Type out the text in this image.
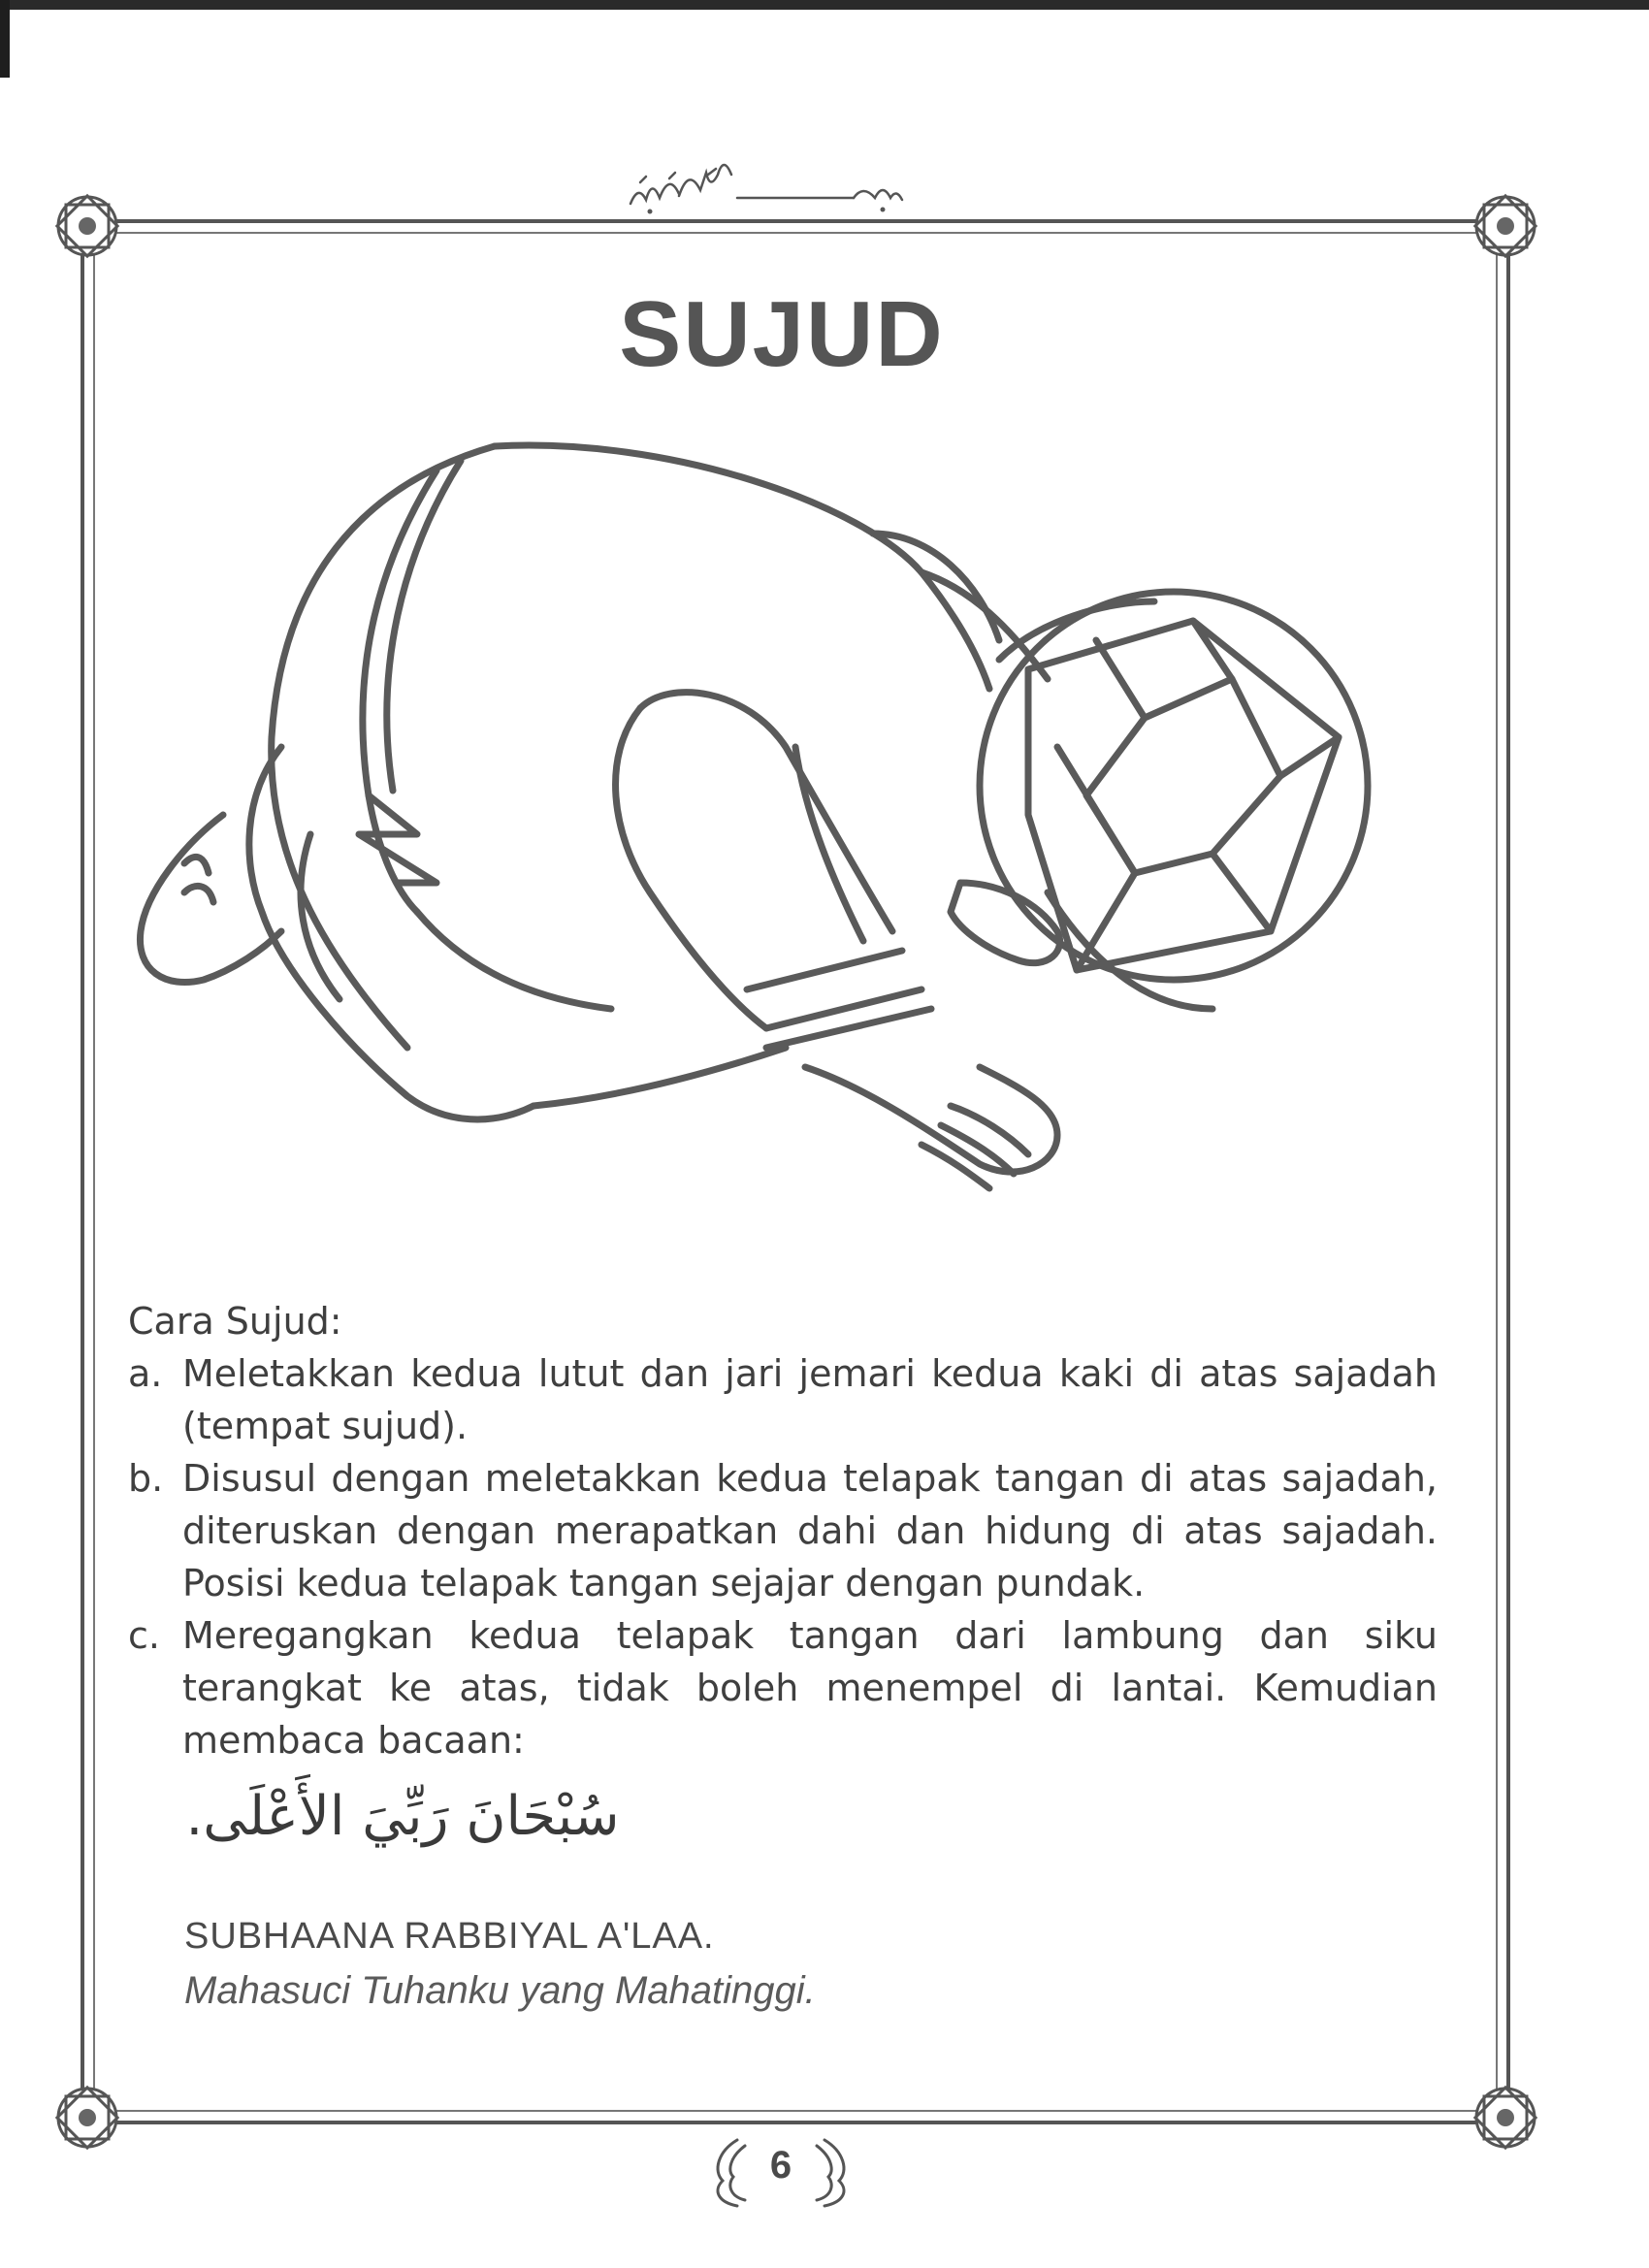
SUJUD

Cara Sujud:

a. Meletakkan kedua lutut dan jari jemari kedua kaki di atas sajadah (tempat sujud).
b. Disusul dengan meletakkan kedua telapak tangan di atas sajadah, diteruskan dengan merapatkan dahi dan hidung di atas sajadah. Posisi kedua telapak tangan sejajar dengan pundak.
c. Meregangkan kedua telapak tangan dari lambung dan siku terangkat ke atas, tidak boleh menempel di lantai. Kemudian membaca bacaan:
سُبْحَانَ رَبِّيَ الأَعْلَى.
SUBHAANA RABBIYAL A'LAA.
Mahasuci Tuhanku yang Mahatinggi.
6
